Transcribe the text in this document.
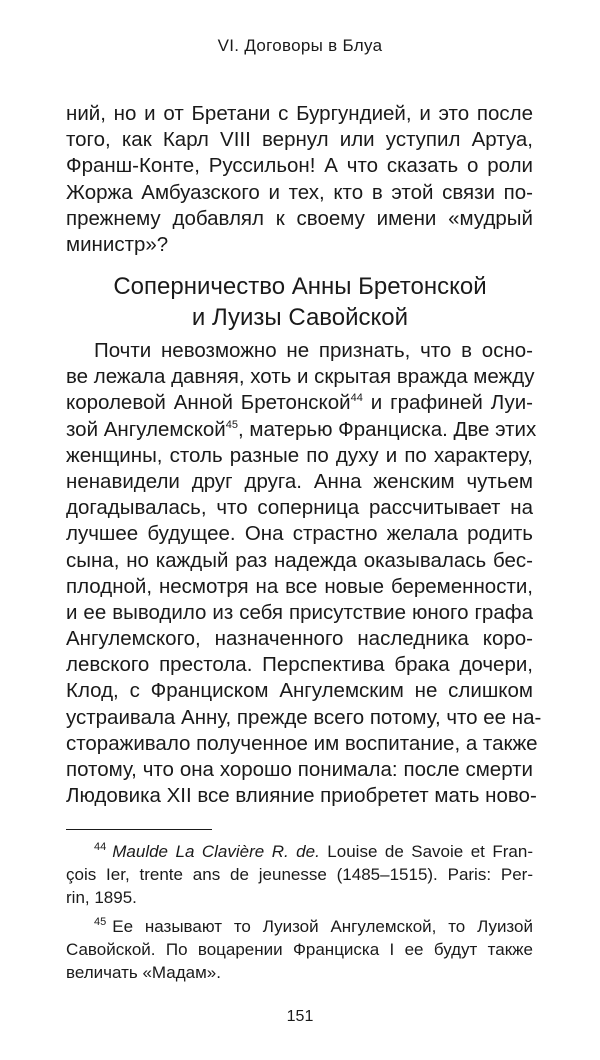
VI. Договоры в Блуа
ний, но и от Бретани с Бургундией, и это после
того, как Карл VIII вернул или уступил Артуа,
Франш-Конте, Руссильон! А что сказать о роли
Жоржа Амбуазского и тех, кто в этой связи по-
прежнему добавлял к своему имени «мудрый
министр»?
Соперничество Анны Бретонской
и Луизы Савойской
Почти невозможно не признать, что в осно-
ве лежала давняя, хоть и скрытая вражда между
королевой Анной Бретонской$^{44}$ и графиней Луи-
зой Ангулемской$^{45}$, матерью Франциска. Две этих
женщины, столь разные по духу и по характеру,
ненавидели друг друга. Анна женским чутьем
догадывалась, что соперница рассчитывает на
лучшее будущее. Она страстно желала родить
сына, но каждый раз надежда оказывалась бес-
плодной, несмотря на все новые беременности,
и ее выводило из себя присутствие юного графа
Ангулемского, назначенного наследника коро-
левского престола. Перспектива брака дочери,
Клод, с Франциском Ангулемским не слишком
устраивала Анну, прежде всего потому, что ее на-
стораживало полученное им воспитание, а также
потому, что она хорошо понимала: после смерти
Людовика XII все влияние приобретет мать ново-
$^{44}$ Maulde La Clavière R. de. Louise de Savoie et Fran-
çois Ier, trente ans de jeunesse (1485–1515). Paris: Per-
rin, 1895.
$^{45}$ Ее называют то Луизой Ангулемской, то Луизой
Савойской. По воцарении Франциска I ее будут также
величать «Мадам».
151
